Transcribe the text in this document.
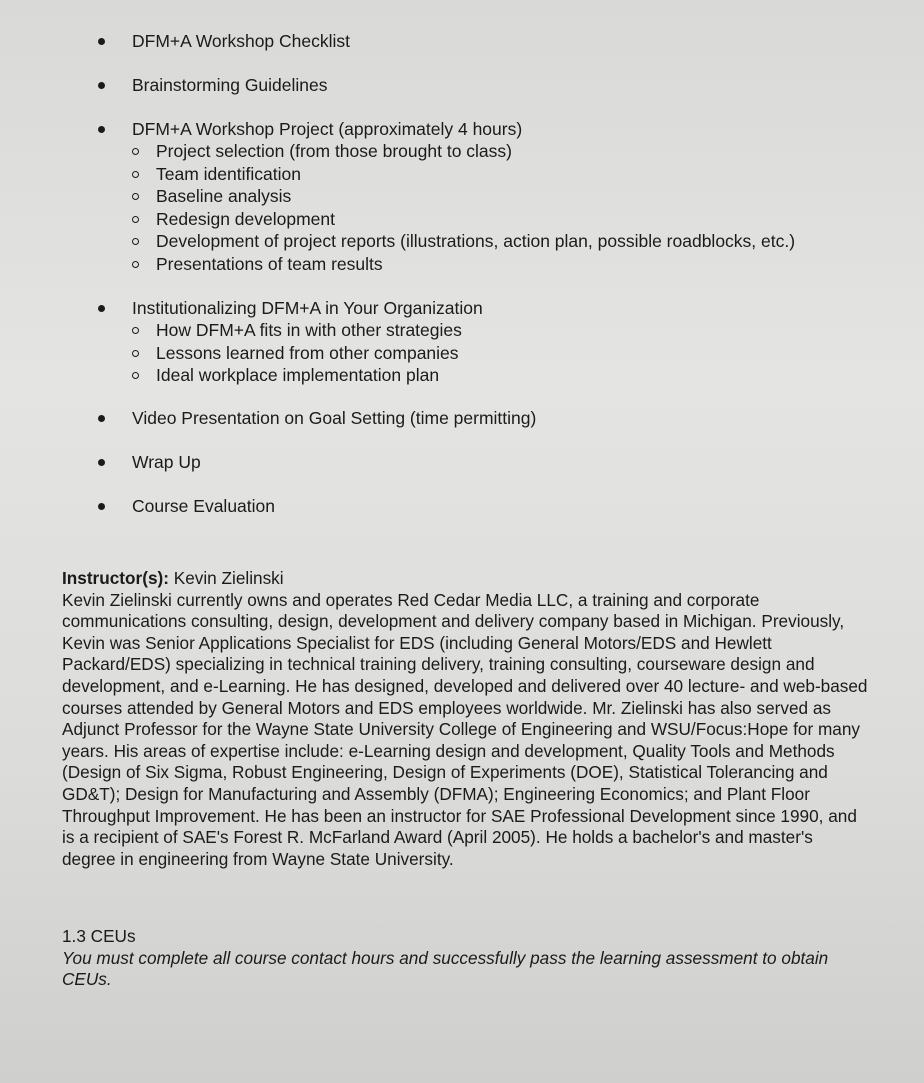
DFM+A Workshop Checklist
Brainstorming Guidelines
DFM+A Workshop Project (approximately 4 hours)
Project selection (from those brought to class)
Team identification
Baseline analysis
Redesign development
Development of project reports (illustrations, action plan, possible roadblocks, etc.)
Presentations of team results
Institutionalizing DFM+A in Your Organization
How DFM+A fits in with other strategies
Lessons learned from other companies
Ideal workplace implementation plan
Video Presentation on Goal Setting (time permitting)
Wrap Up
Course Evaluation
Instructor(s): Kevin Zielinski
Kevin Zielinski currently owns and operates Red Cedar Media LLC, a training and corporate communications consulting, design, development and delivery company based in Michigan. Previously, Kevin was Senior Applications Specialist for EDS (including General Motors/EDS and Hewlett Packard/EDS) specializing in technical training delivery, training consulting, courseware design and development, and e-Learning. He has designed, developed and delivered over 40 lecture- and web-based courses attended by General Motors and EDS employees worldwide. Mr. Zielinski has also served as Adjunct Professor for the Wayne State University College of Engineering and WSU/Focus:Hope for many years. His areas of expertise include: e-Learning design and development, Quality Tools and Methods (Design of Six Sigma, Robust Engineering, Design of Experiments (DOE), Statistical Tolerancing and GD&T); Design for Manufacturing and Assembly (DFMA); Engineering Economics; and Plant Floor Throughput Improvement. He has been an instructor for SAE Professional Development since 1990, and is a recipient of SAE's Forest R. McFarland Award (April 2005). He holds a bachelor's and master's degree in engineering from Wayne State University.
1.3 CEUs
You must complete all course contact hours and successfully pass the learning assessment to obtain CEUs.
